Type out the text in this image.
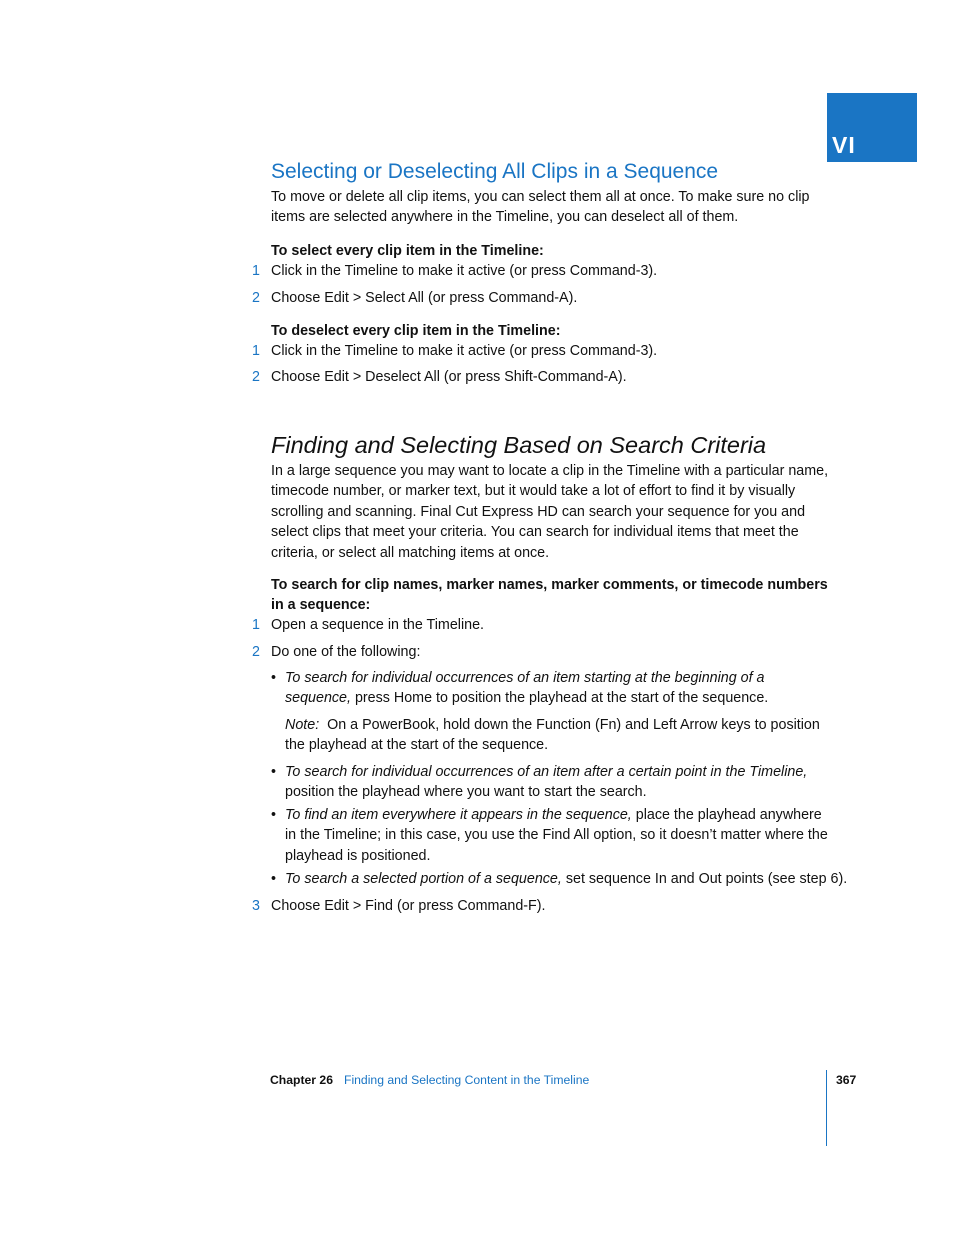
VI
Selecting or Deselecting All Clips in a Sequence

To move or delete all clip items, you can select them all at once. To make sure no clip items are selected anywhere in the Timeline, you can deselect all of them.

To select every clip item in the Timeline:

1 Click in the Timeline to make it active (or press Command-3).
2 Choose Edit > Select All (or press Command-A).

To deselect every clip item in the Timeline:

1 Click in the Timeline to make it active (or press Command-3).
2 Choose Edit > Deselect All (or press Shift-Command-A).
Finding and Selecting Based on Search Criteria

In a large sequence you may want to locate a clip in the Timeline with a particular name, timecode number, or marker text, but it would take a lot of effort to find it by visually scrolling and scanning. Final Cut Express HD can search your sequence for you and select clips that meet your criteria. You can search for individual items that meet the criteria, or select all matching items at once.

To search for clip names, marker names, marker comments, or timecode numbers in a sequence:

1 Open a sequence in the Timeline.
2 Do one of the following:
• To search for individual occurrences of an item starting at the beginning of a sequence, press Home to position the playhead at the start of the sequence.
Note: On a PowerBook, hold down the Function (Fn) and Left Arrow keys to position the playhead at the start of the sequence.
• To search for individual occurrences of an item after a certain point in the Timeline, position the playhead where you want to start the search.
• To find an item everywhere it appears in the sequence, place the playhead anywhere in the Timeline; in this case, you use the Find All option, so it doesn’t matter where the playhead is positioned.
• To search a selected portion of a sequence, set sequence In and Out points (see step 6).
3 Choose Edit > Find (or press Command-F).
Chapter 26 Finding and Selecting Content in the Timeline	367
